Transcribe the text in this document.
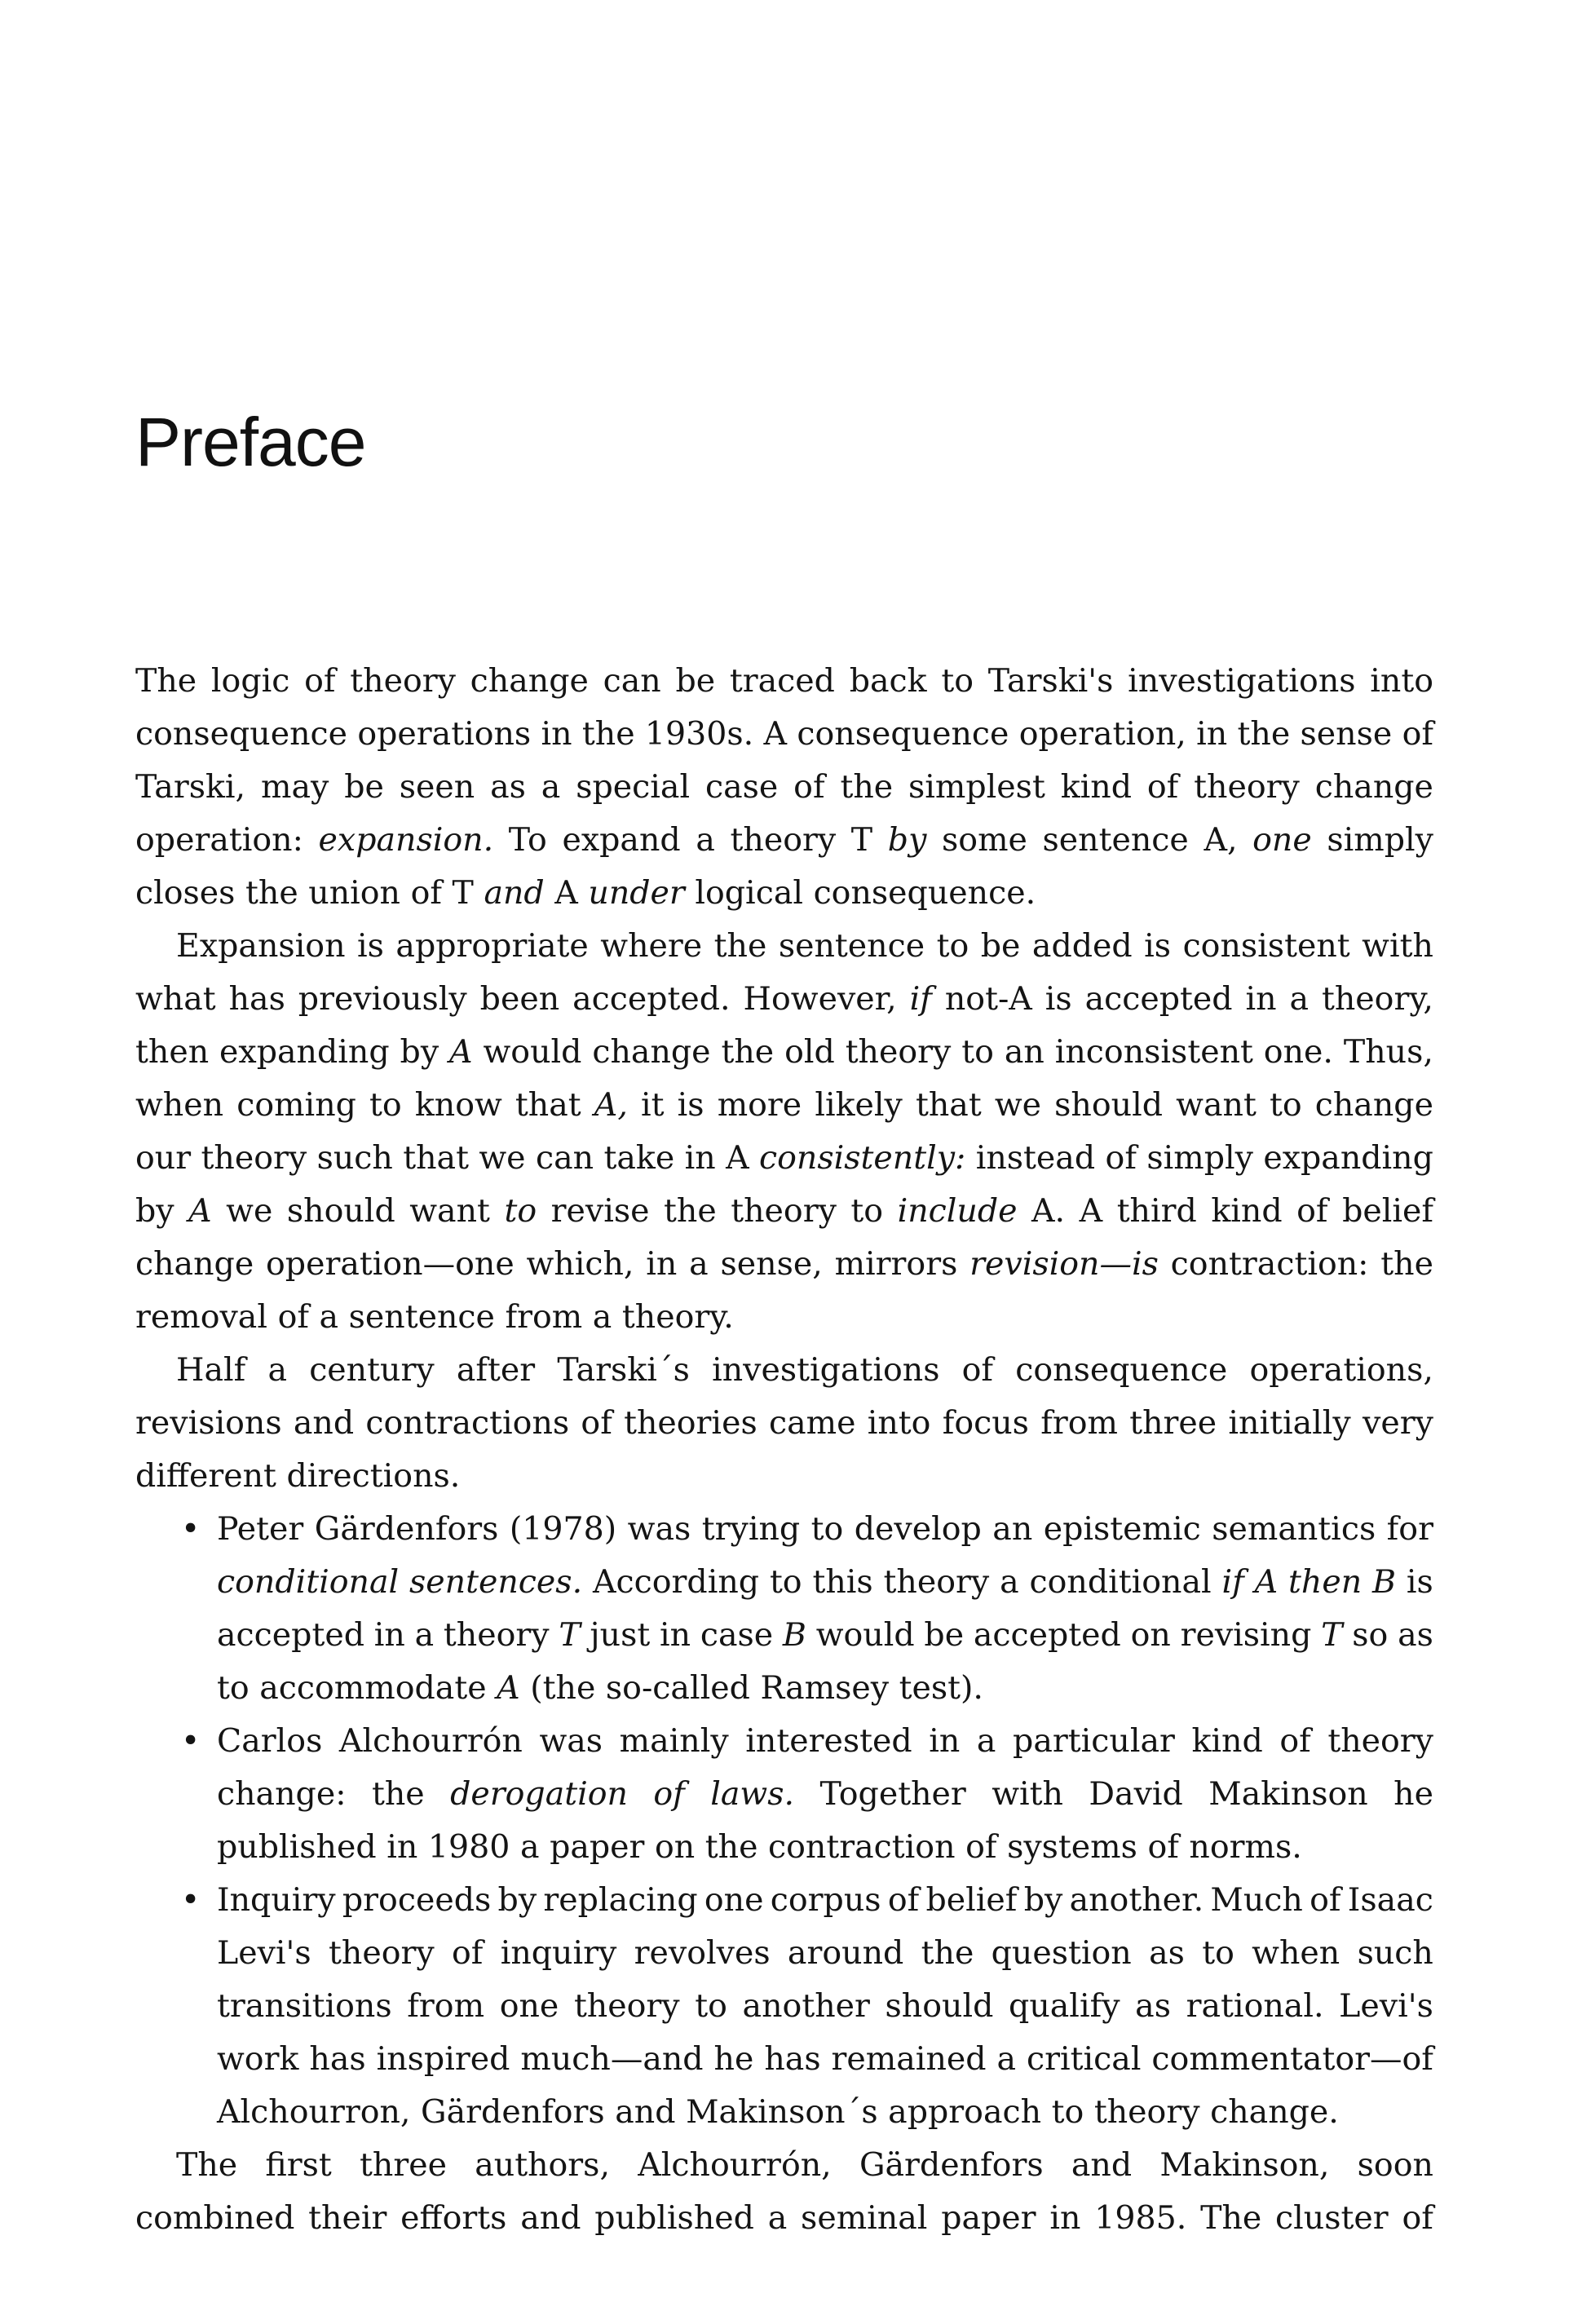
Preface
The logic of theory change can be traced back to Tarski's investigations into
consequence operations in the 1930s. A consequence operation, in the sense of
Tarski, may be seen as a special case of the simplest kind of theory change
operation: expansion. To expand a theory T by some sentence A, one simply
closes the union of T and A under logical consequence.
Expansion is appropriate where the sentence to be added is consistent with
what has previously been accepted. However, if not-A is accepted in a theory,
then expanding by A would change the old theory to an inconsistent one. Thus,
when coming to know that A, it is more likely that we should want to change
our theory such that we can take in A consistently: instead of simply expanding
by A we should want to revise the theory to include A. A third kind of belief
change operation—one which, in a sense, mirrors revision—is contraction: the
removal of a sentence from a theory.
Half a century after Tarski´s investigations of consequence operations,
revisions and contractions of theories came into focus from three initially very
different directions.
• Peter Gärdenfors (1978) was trying to develop an epistemic semantics for
conditional sentences. According to this theory a conditional if A then B is
accepted in a theory T just in case B would be accepted on revising T so as
to accommodate A (the so-called Ramsey test).
• Carlos Alchourrón was mainly interested in a particular kind of theory
change: the derogation of laws. Together with David Makinson he
published in 1980 a paper on the contraction of systems of norms.
• Inquiry proceeds by replacing one corpus of belief by another. Much of Isaac
Levi's theory of inquiry revolves around the question as to when such
transitions from one theory to another should qualify as rational. Levi's
work has inspired much—and he has remained a critical commentator—of
Alchourron, Gärdenfors and Makinson´s approach to theory change.
The first three authors, Alchourrón, Gärdenfors and Makinson, soon
combined their efforts and published a seminal paper in 1985. The cluster of
